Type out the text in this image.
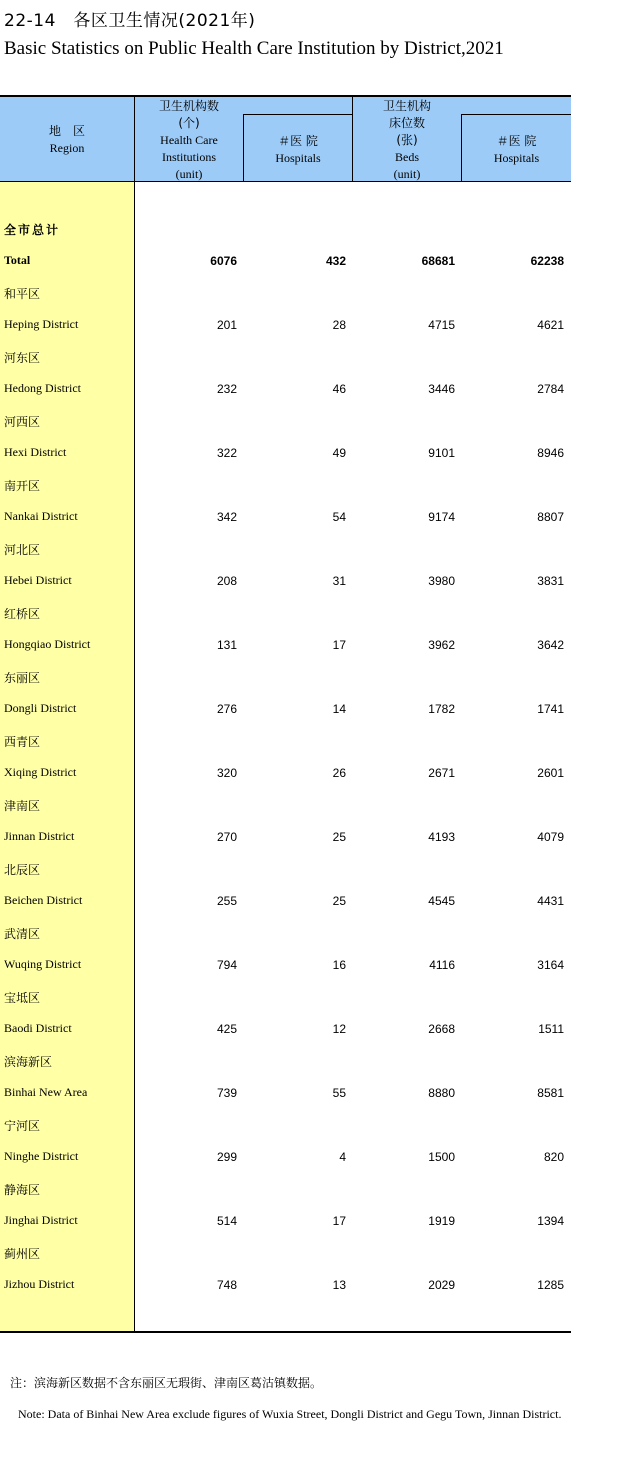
22-14　各区卫生情况(2021年)
Basic Statistics on Public Health Care Institution by District,2021
地　区
Region
卫生机构数
(个)
Health Care
Institutions
(unit)
＃医 院
Hospitals
卫生机构
床位数
(张)
Beds
(unit)
＃医 院
Hospitals
全市总计
Total	6076	432	68681	62238
和平区
Heping District	201	28	4715	4621
河东区
Hedong District	232	46	3446	2784
河西区
Hexi District	322	49	9101	8946
南开区
Nankai District	342	54	9174	8807
河北区
Hebei District	208	31	3980	3831
红桥区
Hongqiao District	131	17	3962	3642
东丽区
Dongli District	276	14	1782	1741
西青区
Xiqing District	320	26	2671	2601
津南区
Jinnan District	270	25	4193	4079
北辰区
Beichen District	255	25	4545	4431
武清区
Wuqing District	794	16	4116	3164
宝坻区
Baodi District	425	12	2668	1511
滨海新区
Binhai New Area	739	55	8880	8581
宁河区
Ninghe District	299	4	1500	820
静海区
Jinghai District	514	17	1919	1394
蓟州区
Jizhou District	748	13	2029	1285
注：滨海新区数据不含东丽区无瑕街、津南区葛沽镇数据。
Note: Data of Binhai New Area exclude figures of Wuxia Street, Dongli District and Gegu Town, Jinnan District.
